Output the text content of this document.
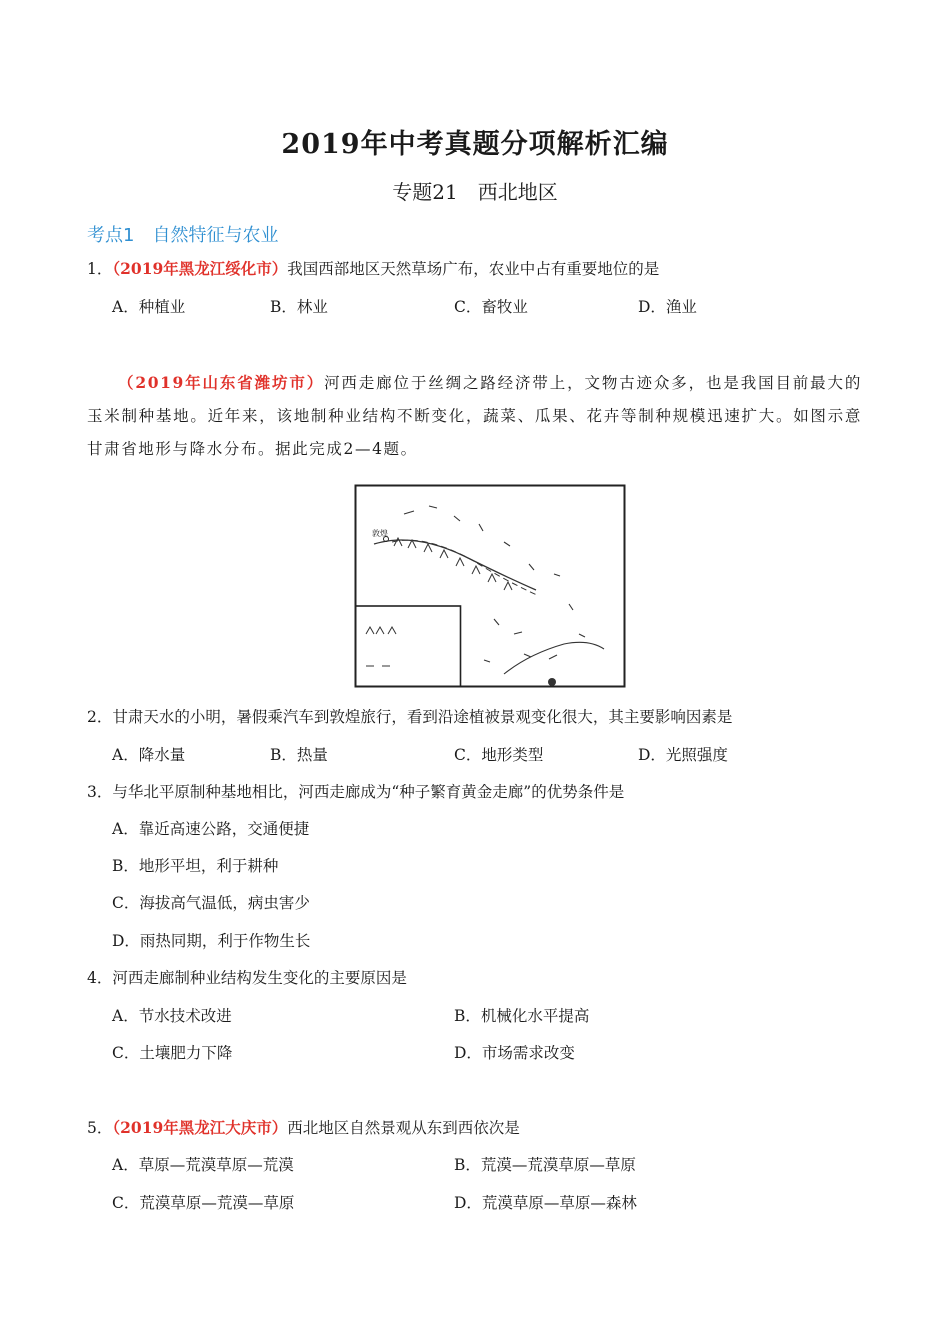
2019年中考真题分项解析汇编
专题21　西北地区
考点1　自然特征与农业
1．（2019年黑龙江绥化市）我国西部地区天然草场广布，农业中占有重要地位的是
A．种植业	B．林业	C．畜牧业	D．渔业
（2019年山东省潍坊市）河西走廊位于丝绸之路经济带上，文物古迹众多，也是我国目前最大的玉米制种基地。近年来，该地制种业结构不断变化，蔬菜、瓜果、花卉等制种规模迅速扩大。如图示意甘肃省地形与降水分布。据此完成2—4题。
敦煌
2．甘肃天水的小明，暑假乘汽车到敦煌旅行，看到沿途植被景观变化很大，其主要影响因素是
A．降水量	B．热量	C．地形类型	D．光照强度
3．与华北平原制种基地相比，河西走廊成为“种子繁育黄金走廊”的优势条件是
A．靠近高速公路，交通便捷
B．地形平坦，利于耕种
C．海拔高气温低，病虫害少
D．雨热同期，利于作物生长
4．河西走廊制种业结构发生变化的主要原因是
A．节水技术改进	B．机械化水平提高
C．土壤肥力下降	D．市场需求改变
5．（2019年黑龙江大庆市）西北地区自然景观从东到西依次是
A．草原—荒漠草原—荒漠	B．荒漠—荒漠草原—草原
C．荒漠草原—荒漠—草原	D．荒漠草原—草原—森林
